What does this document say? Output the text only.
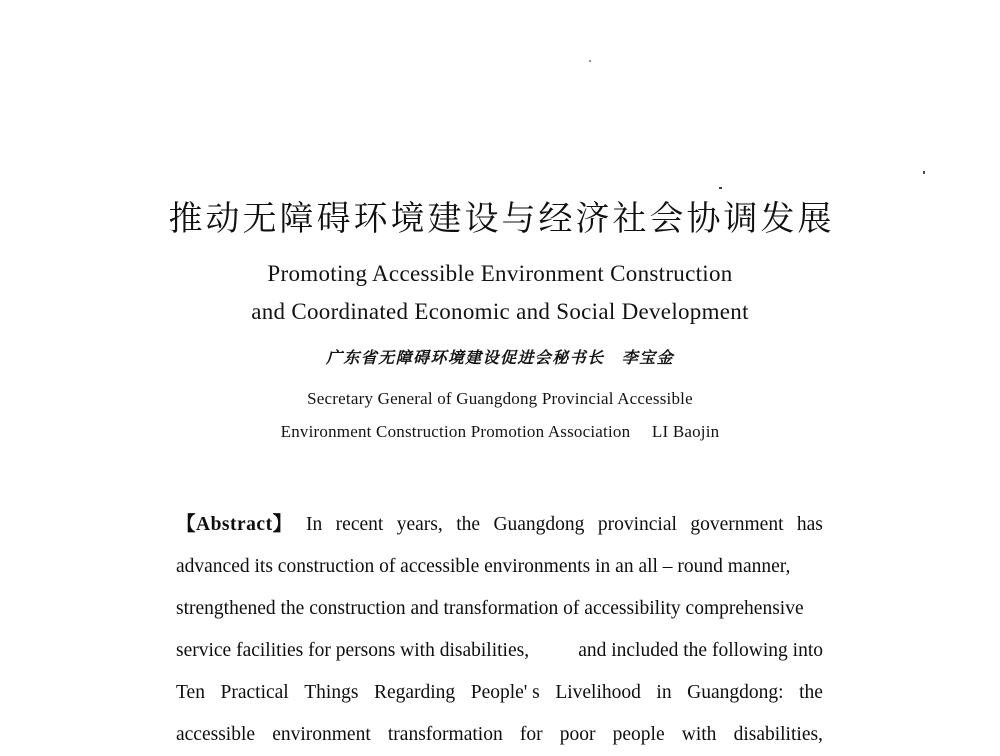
推动无障碍环境建设与经济社会协调发展
Promoting Accessible Environment Construction
and Coordinated Economic and Social Development
广东省无障碍环境建设促进会秘书长　李宝金
Secretary General of Guangdong Provincial Accessible
Environment Construction Promotion Association　 LI Baojin
【Abstract】 In recent years, the Guangdong provincial government has
advanced its construction of accessible environments in an all – round manner,
strengthened the construction and transformation of accessibility comprehensive
service facilities for persons with disabilities,	and included the following into
Ten Practical Things Regarding People' s Livelihood in Guangdong: the
accessible environment transformation for poor people with disabilities,
